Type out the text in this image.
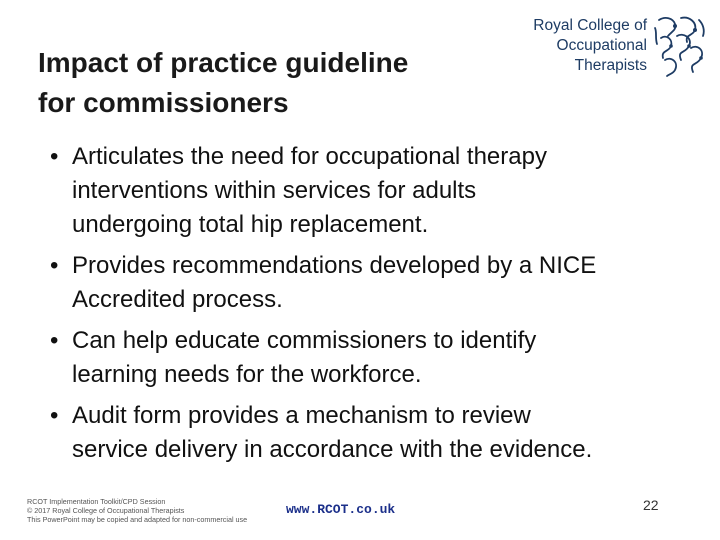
Impact of practice guideline
for commissioners
Royal College of
Occupational
Therapists
• Articulates the need for occupational therapy
interventions within services for adults
undergoing total hip replacement.
• Provides recommendations developed by a NICE
Accredited process.
• Can help educate commissioners to identify
learning needs for the workforce.
• Audit form provides a mechanism to review
service delivery in accordance with the evidence.
RCOT Implementation Toolkit/CPD Session
© 2017 Royal College of Occupational Therapists
This PowerPoint may be copied and adapted for non-commercial use
www.RCOT.co.uk	22
